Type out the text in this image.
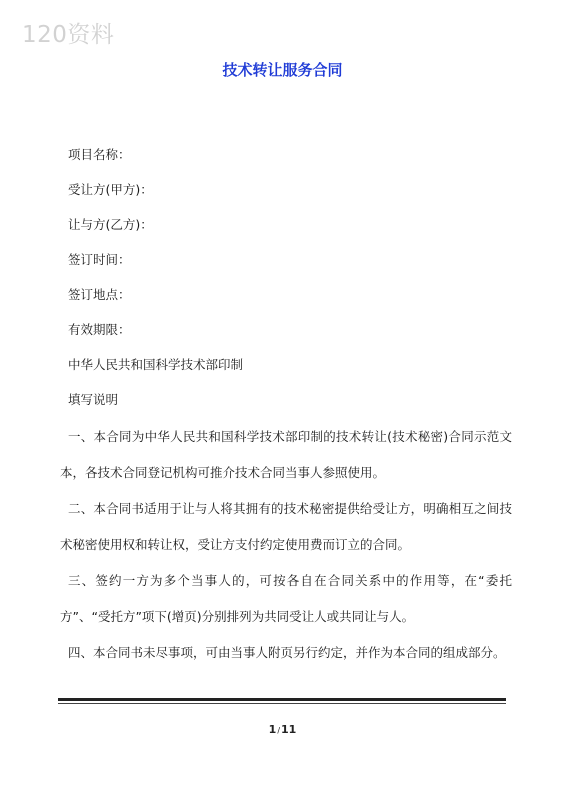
120资料
技术转让服务合同
项目名称：
受让方(甲方)：
让与方(乙方)：
签订时间：
签订地点：
有效期限：
中华人民共和国科学技术部印制
填写说明
一、本合同为中华人民共和国科学技术部印制的技术转让(技术秘密)合同示范文本，各技术合同登记机构可推介技术合同当事人参照使用。
二、本合同书适用于让与人将其拥有的技术秘密提供给受让方，明确相互之间技术秘密使用权和转让权，受让方支付约定使用费而订立的合同。
三、签约一方为多个当事人的，可按各自在合同关系中的作用等，在“委托方”、“受托方”项下(增页)分别排列为共同受让人或共同让与人。
四、本合同书未尽事项，可由当事人附页另行约定，并作为本合同的组成部分。
1/11
